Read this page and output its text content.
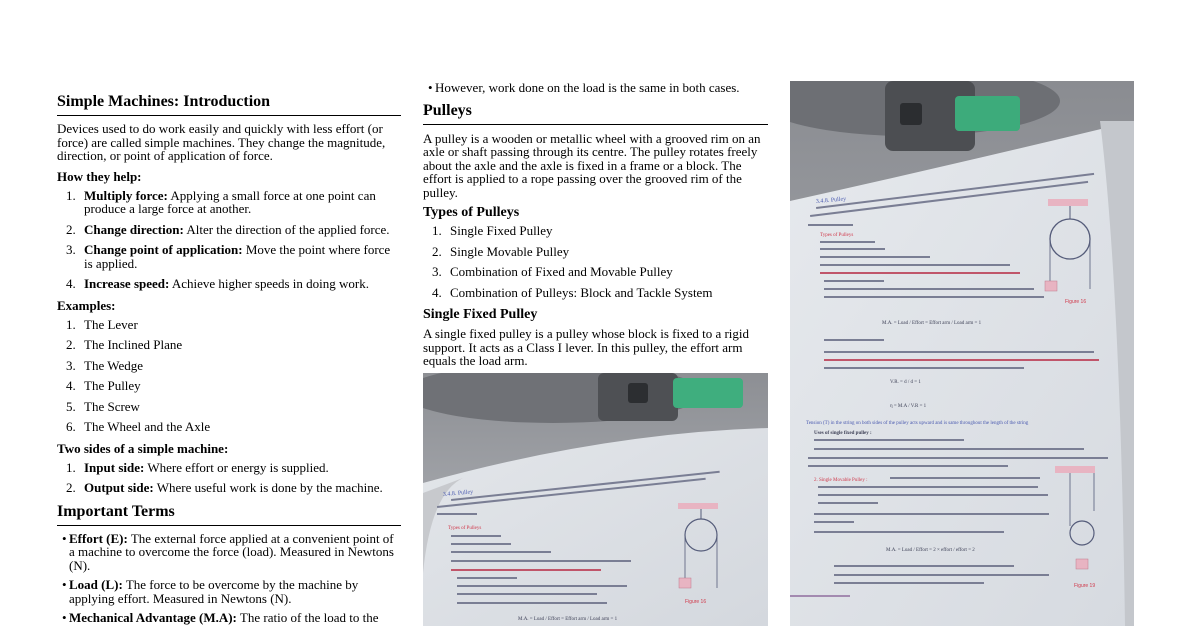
Simple Machines: Introduction

Devices used to do work easily and quickly with less effort (or force) are called simple machines. They change the magnitude, direction, or point of application of force.

How they help:
1. Multiply force: Applying a small force at one point can produce a large force at another.
2. Change direction: Alter the direction of the applied force.
3. Change point of application: Move the point where force is applied.
4. Increase speed: Achieve higher speeds in doing work.
Examples:
1. The Lever
2. The Inclined Plane
3. The Wedge
4. The Pulley
5. The Screw
6. The Wheel and the Axle
Two sides of a simple machine:
1. Input side: Where effort or energy is supplied.
2. Output side: Where useful work is done by the machine.
Important Terms
• Effort (E): The external force applied at a convenient point of a machine to overcome the force (load). Measured in Newtons (N).
• Load (L): The force to be overcome by the machine by applying effort. Measured in Newtons (N).
• Mechanical Advantage (M.A): The ratio of the load to the
• However, work done on the load is the same in both cases.
Pulleys

A pulley is a wooden or metallic wheel with a grooved rim on an axle or shaft passing through its centre. The pulley rotates freely about the axle and the axle is fixed in a frame or a block. The effort is applied to a rope passing over the grooved rim of the pulley.

Types of Pulleys
1. Single Fixed Pulley
2. Single Movable Pulley
3. Combination of Fixed and Movable Pulley
4. Combination of Pulleys: Block and Tackle System
Single Fixed Pulley

A single fixed pulley is a pulley whose block is fixed to a rigid support. It acts as a Class I lever. In this pulley, the effort arm equals the load arm.

3.4.8. Pulley
Types of Pulleys
M.A. = Load / Effort = Effort arm / Load arm = 1
Figure 16
3.4.8. Pulley
Types of Pulleys
M.A. = Load / Effort = Effort arm / Load arm = 1
V.R. = d / d = 1
η = M.A / V.R = 1
Tension (T) in the string on both sides of the pulley acts upward and is same throughout the length of the string
Uses of single fixed pulley :
2. Single Movable Pulley :
M.A. = Load / Effort = 2 × effort / effort = 2
Figure 16
Figure 19
